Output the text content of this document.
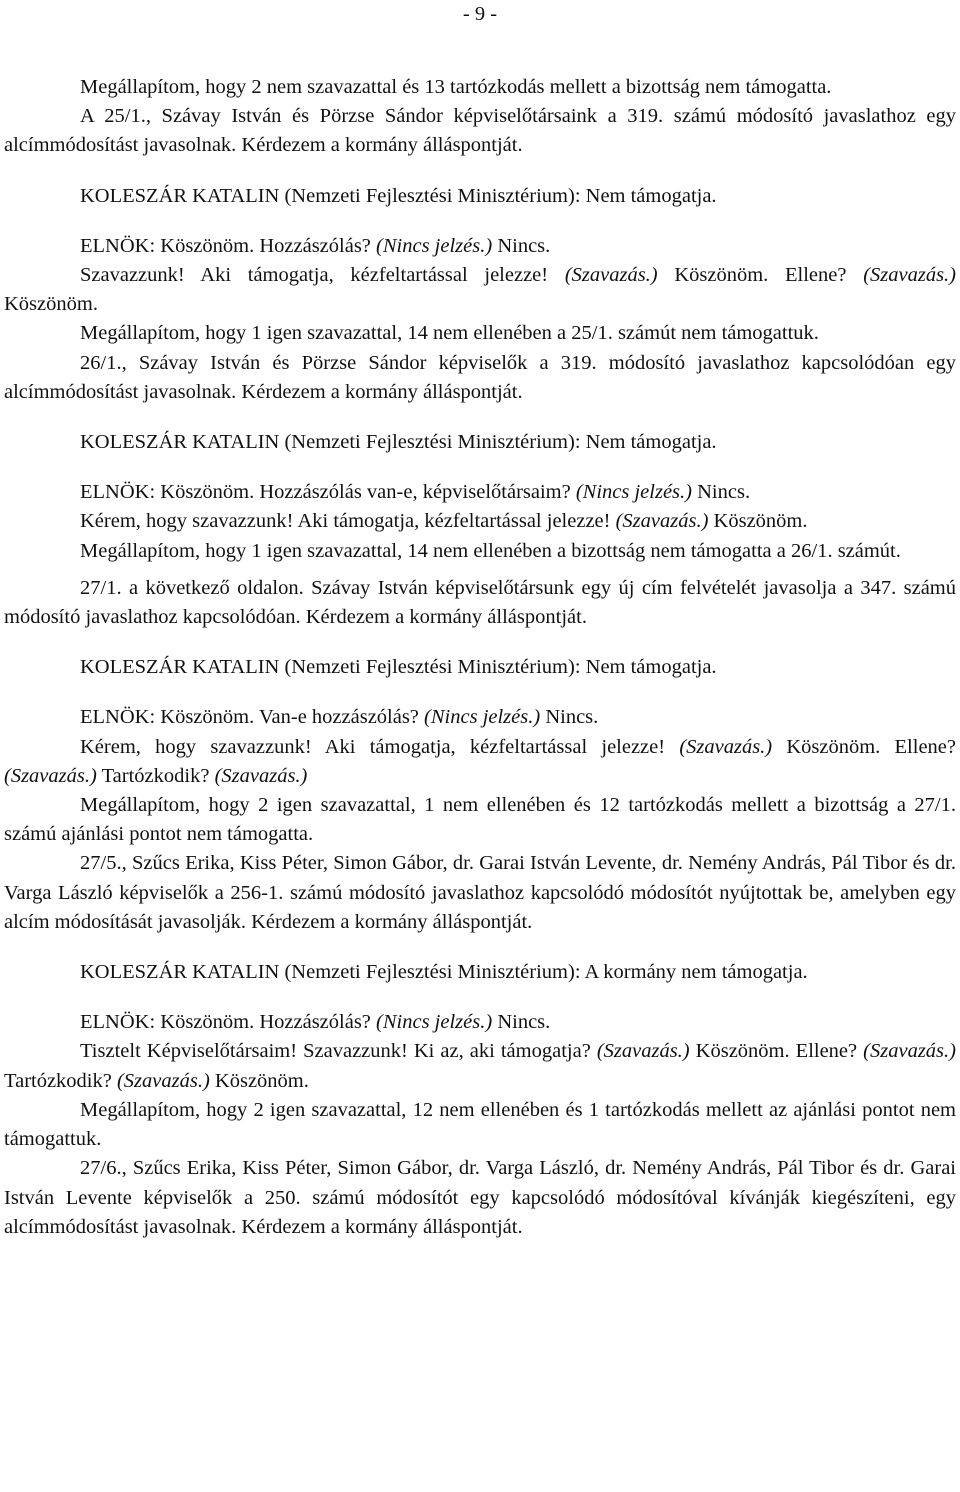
- 9 -

Megállapítom, hogy 2 nem szavazattal és 13 tartózkodás mellett a bizottság nem támogatta.

A 25/1., Szávay István és Pörzse Sándor képviselőtársaink a 319. számú módosító javaslathoz egy alcímmódosítást javasolnak. Kérdezem a kormány álláspontját.

KOLESZÁR KATALIN (Nemzeti Fejlesztési Minisztérium): Nem támogatja.

ELNÖK: Köszönöm. Hozzászólás? (Nincs jelzés.) Nincs.

Szavazzunk! Aki támogatja, kézfeltartással jelezze! (Szavazás.) Köszönöm. Ellene? (Szavazás.) Köszönöm.

Megállapítom, hogy 1 igen szavazattal, 14 nem ellenében a 25/1. számút nem támogattuk.

26/1., Szávay István és Pörzse Sándor képviselők a 319. módosító javaslathoz kapcsolódóan egy alcímmódosítást javasolnak. Kérdezem a kormány álláspontját.

KOLESZÁR KATALIN (Nemzeti Fejlesztési Minisztérium): Nem támogatja.

ELNÖK: Köszönöm. Hozzászólás van-e, képviselőtársaim? (Nincs jelzés.) Nincs.

Kérem, hogy szavazzunk! Aki támogatja, kézfeltartással jelezze! (Szavazás.) Köszönöm.

Megállapítom, hogy 1 igen szavazattal, 14 nem ellenében a bizottság nem támogatta a 26/1. számút.

27/1. a következő oldalon. Szávay István képviselőtársunk egy új cím felvételét javasolja a 347. számú módosító javaslathoz kapcsolódóan. Kérdezem a kormány álláspontját.

KOLESZÁR KATALIN (Nemzeti Fejlesztési Minisztérium): Nem támogatja.

ELNÖK: Köszönöm. Van-e hozzászólás? (Nincs jelzés.) Nincs.

Kérem, hogy szavazzunk! Aki támogatja, kézfeltartással jelezze! (Szavazás.) Köszönöm. Ellene? (Szavazás.) Tartózkodik? (Szavazás.)

Megállapítom, hogy 2 igen szavazattal, 1 nem ellenében és 12 tartózkodás mellett a bizottság a 27/1. számú ajánlási pontot nem támogatta.

27/5., Szűcs Erika, Kiss Péter, Simon Gábor, dr. Garai István Levente, dr. Nemény András, Pál Tibor és dr. Varga László képviselők a 256-1. számú módosító javaslathoz kapcsolódó módosítót nyújtottak be, amelyben egy alcím módosítását javasolják. Kérdezem a kormány álláspontját.

KOLESZÁR KATALIN (Nemzeti Fejlesztési Minisztérium): A kormány nem támogatja.

ELNÖK: Köszönöm. Hozzászólás? (Nincs jelzés.) Nincs.

Tisztelt Képviselőtársaim! Szavazzunk! Ki az, aki támogatja? (Szavazás.) Köszönöm. Ellene? (Szavazás.) Tartózkodik? (Szavazás.) Köszönöm.

Megállapítom, hogy 2 igen szavazattal, 12 nem ellenében és 1 tartózkodás mellett az ajánlási pontot nem támogattuk.

27/6., Szűcs Erika, Kiss Péter, Simon Gábor, dr. Varga László, dr. Nemény András, Pál Tibor és dr. Garai István Levente képviselők a 250. számú módosítót egy kapcsolódó módosítóval kívánják kiegészíteni, egy alcímmódosítást javasolnak. Kérdezem a kormány álláspontját.
